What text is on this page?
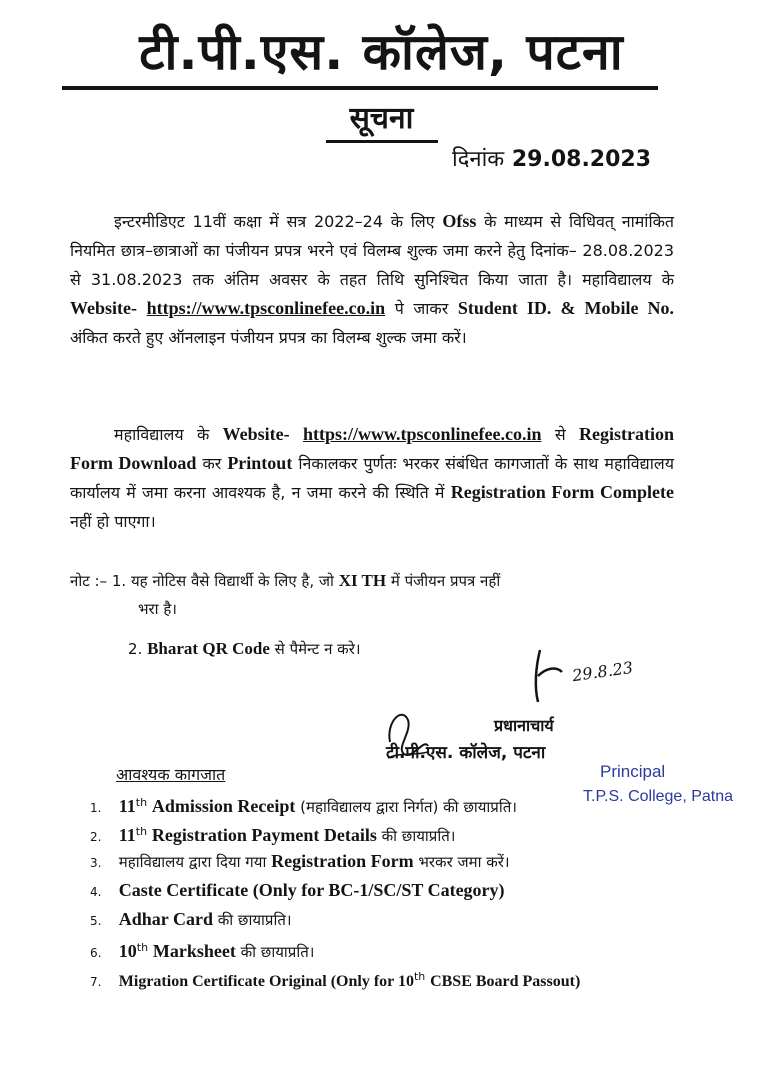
टी.पी.एस. कॉलेज, पटना
सूचना
दिनांक 29.08.2023
इन्टरमीडिएट 11वीं कक्षा में सत्र 2022–24 के लिए Ofss के माध्यम से विधिवत् नामांकित नियमित छात्र–छात्राओं का पंजीयन प्रपत्र भरने एवं विलम्ब शुल्क जमा करने हेतु दिनांक– 28.08.2023 से 31.08.2023 तक अंतिम अवसर के तहत तिथि सुनिश्चित किया जाता है। महाविद्यालय के Website- https://www.tpsconlinefee.co.in पे जाकर Student ID. & Mobile No. अंकित करते हुए ऑनलाइन पंजीयन प्रपत्र का विलम्ब शुल्क जमा करें।
महाविद्यालय के Website- https://www.tpsconlinefee.co.in से Registration Form Download कर Printout निकालकर पुर्णतः भरकर संबंधित कागजातों के साथ महाविद्यालय कार्यालय में जमा करना आवश्यक है, न जमा करने की स्थिति में Registration Form Complete नहीं हो पाएगा।
नोट :– 1. यह नोटिस वैसे विद्यार्थी के लिए है, जो XI TH में पंजीयन प्रपत्र नहीं
भरा है।
2. Bharat QR Code से पैमेन्ट न करे।
29.8.23
प्रधानाचार्य
टी.पी.एस. कॉलेज, पटना
Principal
T.P.S. College, Patna
आवश्यक कागजात
1. 11th Admission Receipt (महाविद्यालय द्वारा निर्गत) की छायाप्रति।
2. 11th Registration Payment Details की छायाप्रति।
3. महाविद्यालय द्वारा दिया गया Registration Form भरकर जमा करें।
4. Caste Certificate (Only for BC-1/SC/ST Category)
5. Adhar Card की छायाप्रति।
6. 10th Marksheet की छायाप्रति।
7. Migration Certificate Original (Only for 10th CBSE Board Passout)
